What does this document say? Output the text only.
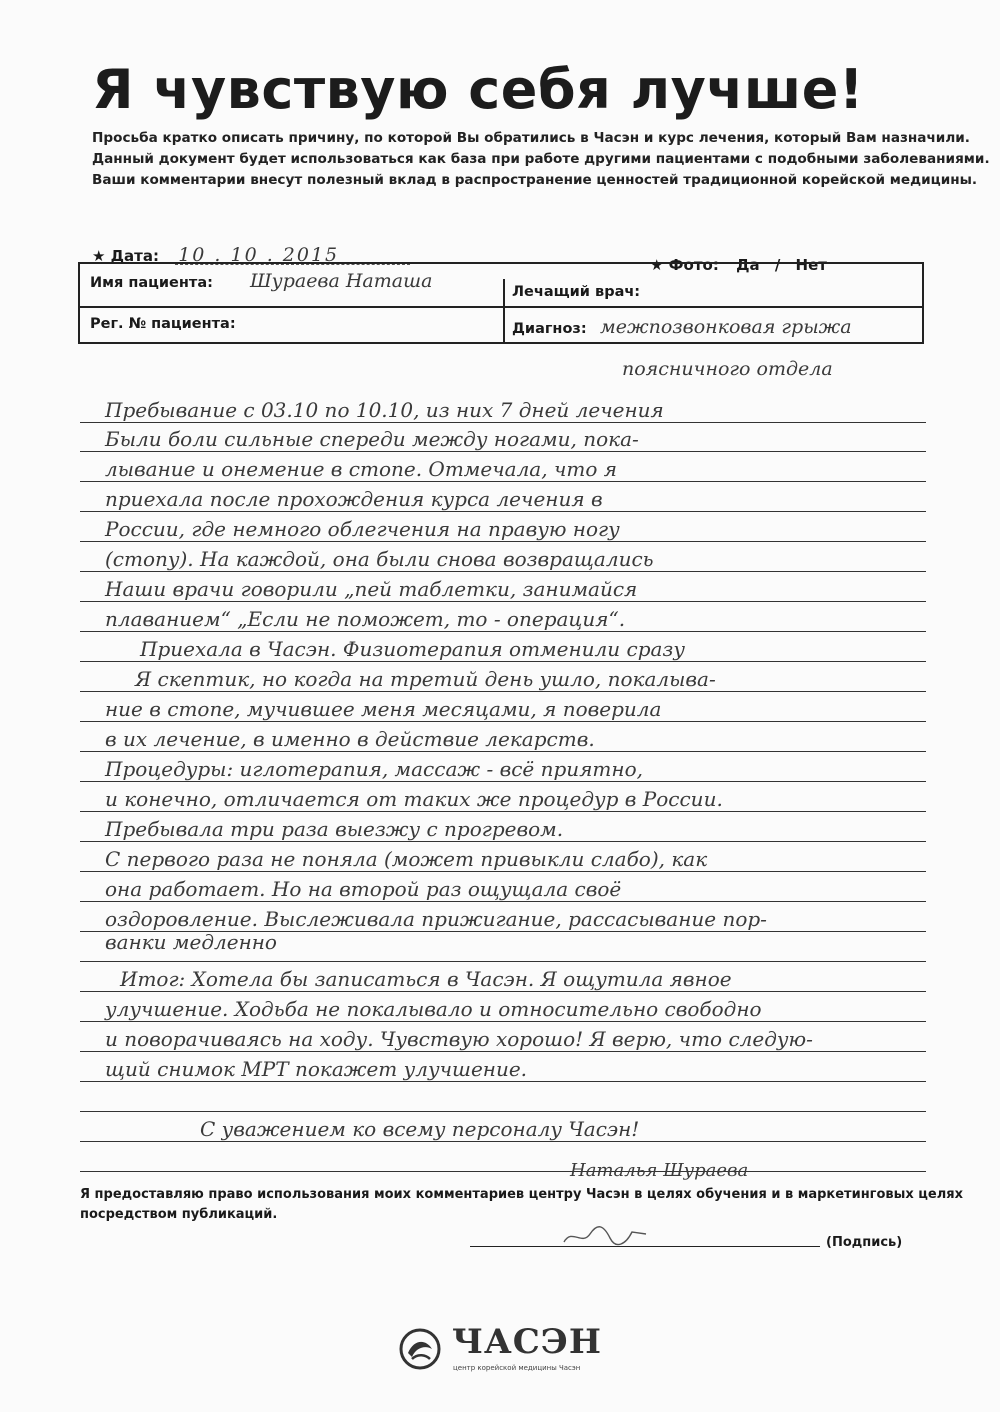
Я чувствую себя лучше!
Просьба кратко описать причину, по которой Вы обратились в Часэн и курс лечения, который Вам назначили.
Данный документ будет использоваться как база при работе другими пациентами с подобными заболеваниями.
Ваши комментарии внесут полезный вклад в распространение ценностей традиционной корейской медицины.
★ Дата: 10 . 10 . 2015	★ Фото: Да / Нет
Имя пациента: Шураева Наташа	Лечащий врач:
Рег. № пациента:	Диагноз: межпозвонковая грыжа
поясничного отдела
Пребывание с 03.10 по 10.10, из них 7 дней лечения
Были боли сильные спереди между ногами, пока-
лывание и онемение в стопе. Отмечала, что я
приехала после прохождения курса лечения в
России, где немного облегчения на правую ногу
(стопу). На каждой, она были снова возвращались
Наши врачи говорили „пей таблетки, занимайся
плаванием“ „Если не поможет, то - операция“.
Приехала в Часэн. Физиотерапия отменили сразу
Я скептик, но когда на третий день ушло, покалыва-
ние в стопе, мучившее меня месяцами, я поверила
в их лечение, в именно в действие лекарств.
Процедуры: иглотерапия, массаж - всё приятно,
и конечно, отличается от таких же процедур в России.
Пребывала три раза выезжу с прогревом.
С первого раза не поняла (может привыкли слабо), как
она работает. Но на второй раз ощущала своё
оздоровление. Выслеживала прижигание, рассасывание пор-
ванки медленно
Итог: Хотела бы записаться в Часэн. Я ощутила явное
улучшение. Ходьба не покалывало и относительно свободно
и поворачиваясь на ходу. Чувствую хорошо! Я верю, что следую-
щий снимок МРТ покажет улучшение.
С уважением ко всему персоналу Часэн!
Наталья Шураева
Я предоставляю право использования моих комментариев центру Часэн в целях обучения и в маркетинговых целях
посредством публикаций.
(Подпись)
ЧАСЭН
центр корейской медицины Часэн
